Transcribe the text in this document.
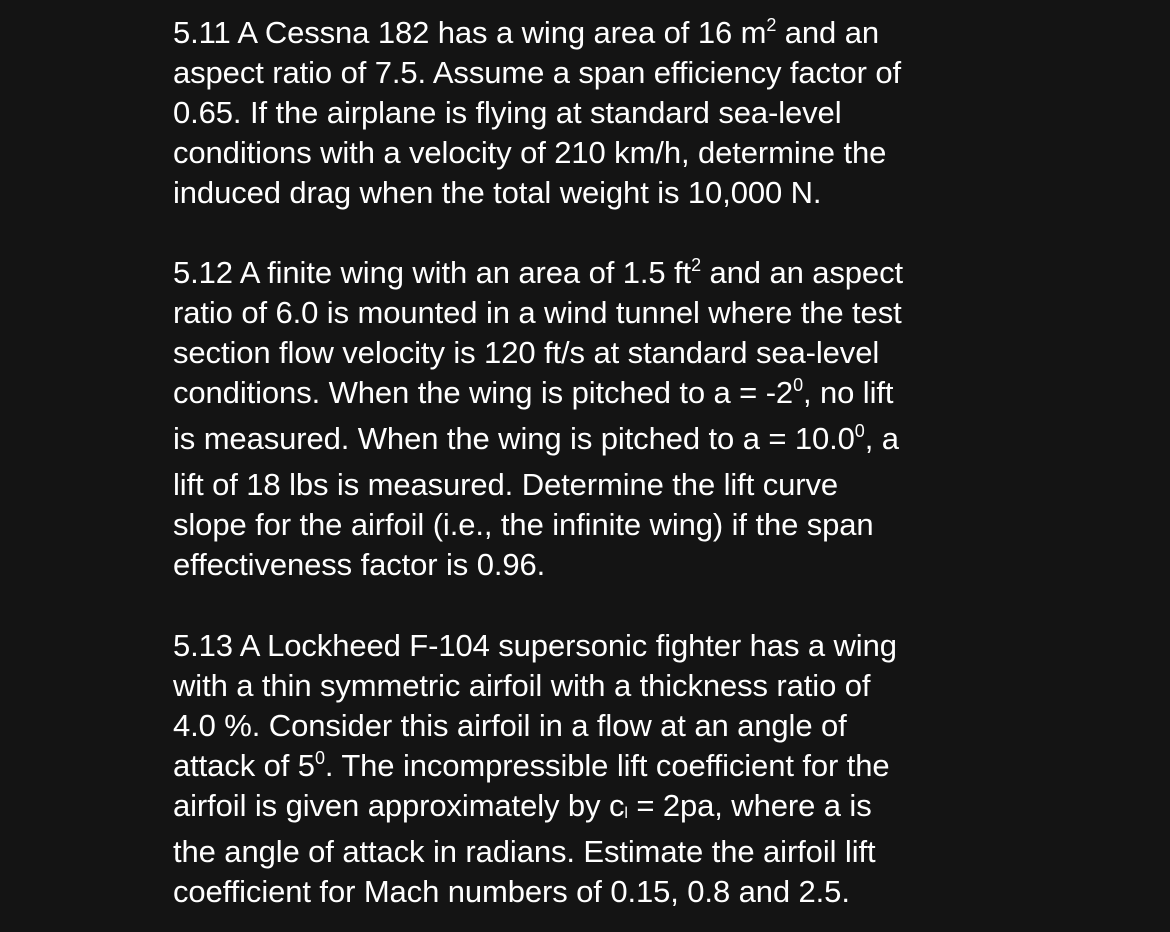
5.11 A Cessna 182 has a wing area of 16 $m^2$ and an
aspect ratio of 7.5. Assume a span efficiency factor of
0.65. If the airplane is flying at standard sea-level
conditions with a velocity of 210 km/h, determine the
induced drag when the total weight is 10,000 N.
5.12 A finite wing with an area of 1.5 $ft^2$ and an aspect
ratio of 6.0 is mounted in a wind tunnel where the test
section flow velocity is 120 ft/s at standard sea-level
conditions. When the wing is pitched to $a = -2^0$, no lift
is measured. When the wing is pitched to $a = 10.0^0$, a
lift of 18 lbs is measured. Determine the lift curve
slope for the airfoil (i.e., the infinite wing) if the span
effectiveness factor is 0.96.
5.13 A Lockheed F-104 supersonic fighter has a wing
with a thin symmetric airfoil with a thickness ratio of
4.0 %. Consider this airfoil in a flow at an angle of
attack of $5^0$. The incompressible lift coefficient for the
airfoil is given approximately by $c_l = 2pa$, where a is
the angle of attack in radians. Estimate the airfoil lift
coefficient for Mach numbers of 0.15, 0.8 and 2.5.
